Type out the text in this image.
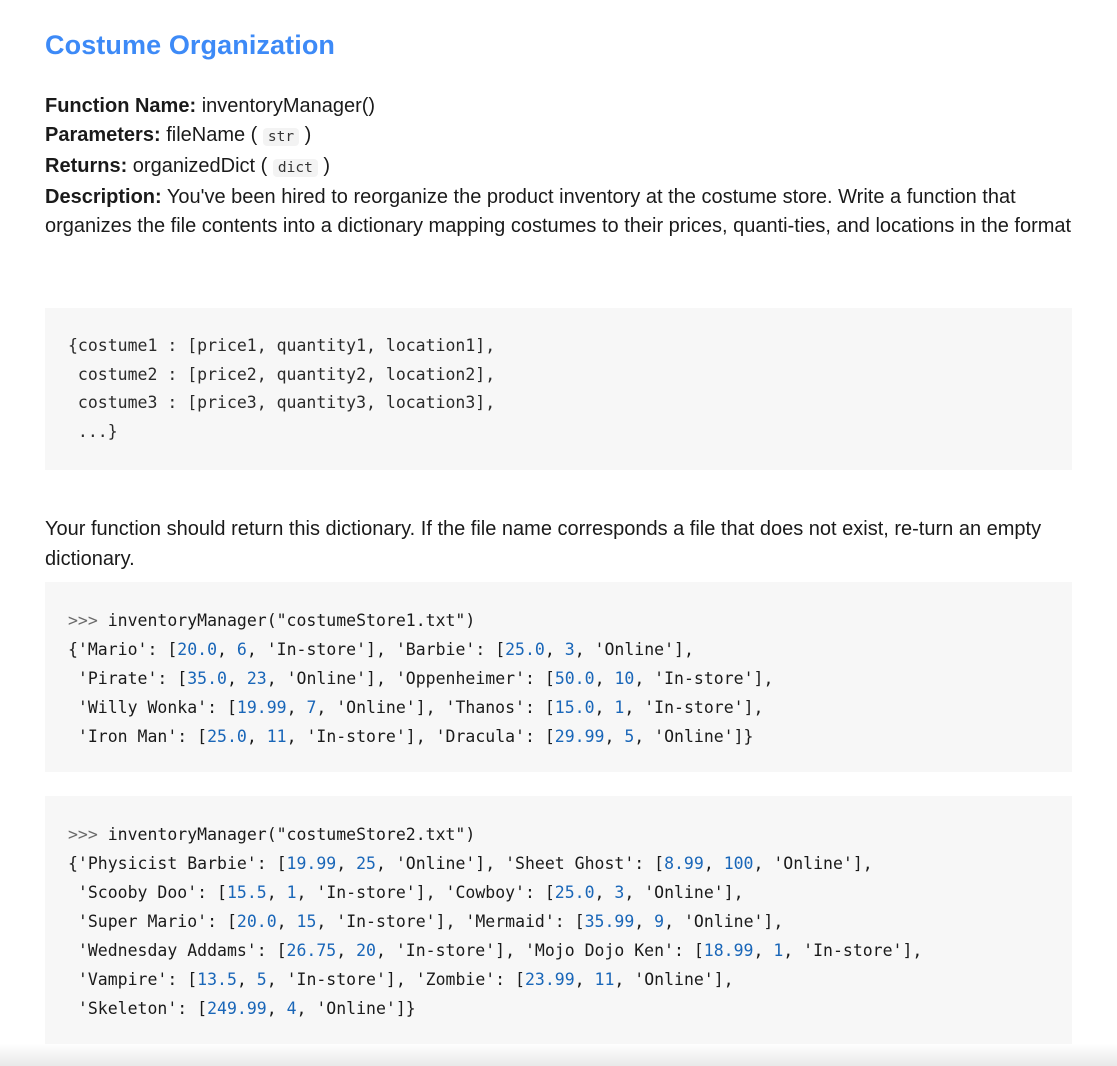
Costume Organization

Function Name: inventoryManager()

Parameters: fileName ( str )

Returns: organizedDict ( dict )

Description: You've been hired to reorganize the product inventory at the costume store. Write a function that organizes the file contents into a dictionary mapping costumes to their prices, quanti-ties, and locations in the format

{costume1 : [price1, quantity1, location1],
costume2 : [price2, quantity2, location2],
costume3 : [price3, quantity3, location3],
...}

Your function should return this dictionary. If the file name corresponds a file that does not exist, re-turn an empty dictionary.

>>> inventoryManager("costumeStore1.txt")
{'Mario': [20.0, 6, 'In-store'], 'Barbie': [25.0, 3, 'Online'],
'Pirate': [35.0, 23, 'Online'], 'Oppenheimer': [50.0, 10, 'In-store'],
'Willy Wonka': [19.99, 7, 'Online'], 'Thanos': [15.0, 1, 'In-store'],
'Iron Man': [25.0, 11, 'In-store'], 'Dracula': [29.99, 5, 'Online']}
>>> inventoryManager("costumeStore2.txt")
{'Physicist Barbie': [19.99, 25, 'Online'], 'Sheet Ghost': [8.99, 100, 'Online'],
'Scooby Doo': [15.5, 1, 'In-store'], 'Cowboy': [25.0, 3, 'Online'],
'Super Mario': [20.0, 15, 'In-store'], 'Mermaid': [35.99, 9, 'Online'],
'Wednesday Addams': [26.75, 20, 'In-store'], 'Mojo Dojo Ken': [18.99, 1, 'In-store'],
'Vampire': [13.5, 5, 'In-store'], 'Zombie': [23.99, 11, 'Online'],
'Skeleton': [249.99, 4, 'Online']}
